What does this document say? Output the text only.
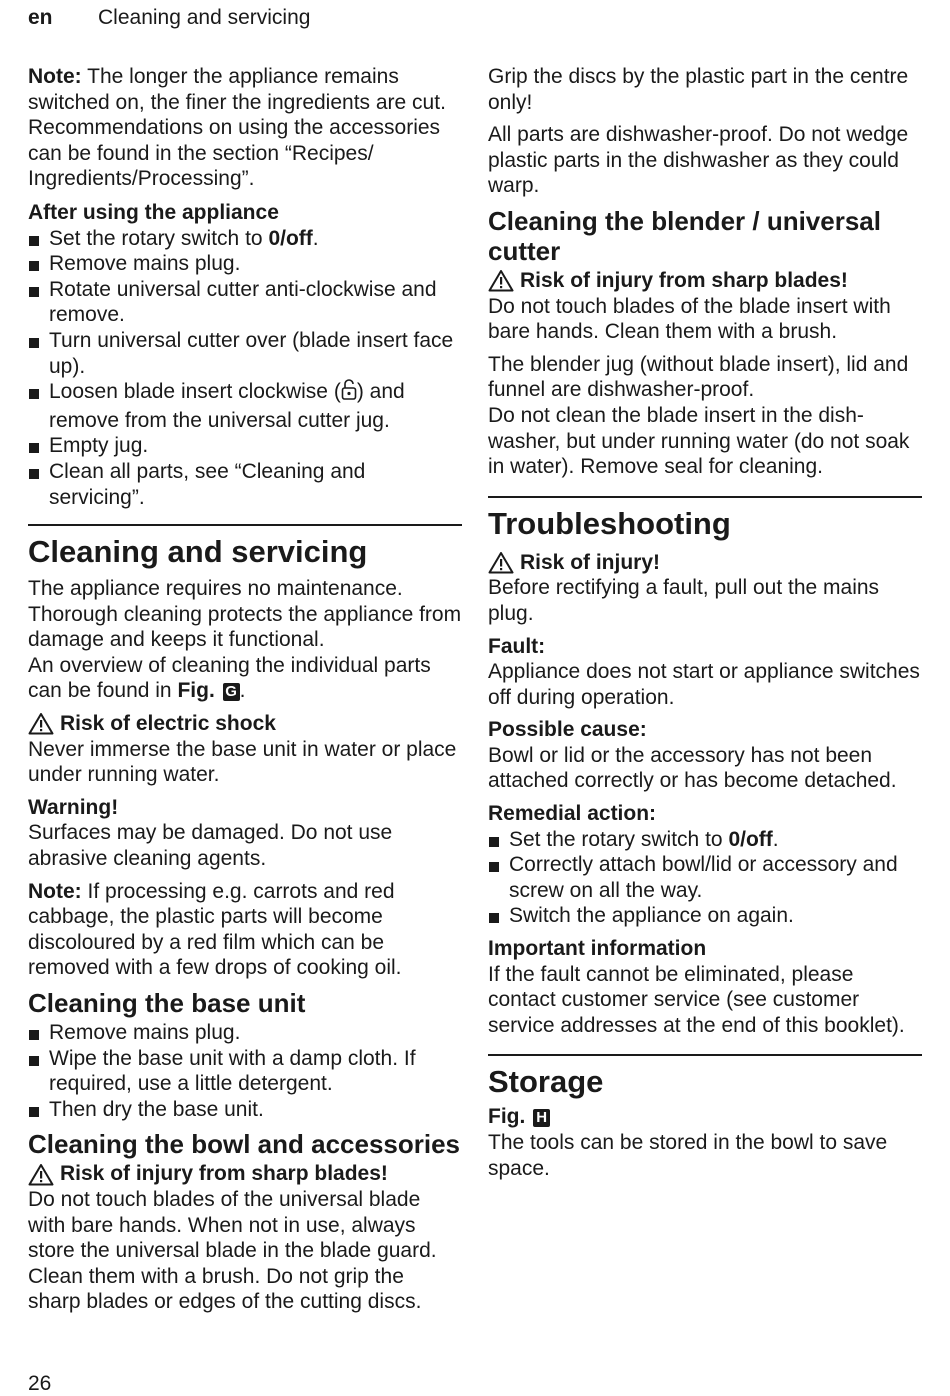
en Cleaning and servicing

Note: The longer the appliance remains switched on, the finer the ingredients are cut. Recommendations on using the accessories can be found in the section “Recipes/ Ingredients/Processing”.

After using the appliance
Set the rotary switch to 0/off.
Remove mains plug.
Rotate universal cutter anti-clockwise and remove.
Turn universal cutter over (blade insert face up).
Loosen blade insert clockwise ( ) and remove from the universal cutter jug.
Empty jug.
Clean all parts, see “Cleaning and servicing”.
Cleaning and servicing

The appliance requires no maintenance. Thorough cleaning protects the appliance from damage and keeps it functional.

An overview of cleaning the individual parts can be found in Fig. G .

Risk of electric shock

Never immerse the base unit in water or place under running water.

Warning!

Surfaces may be damaged. Do not use abrasive cleaning agents.

Note: If processing e.g. carrots and red cabbage, the plastic parts will become discoloured by a red film which can be removed with a few drops of cooking oil.

Cleaning the base unit
Remove mains plug.
Wipe the base unit with a damp cloth. If required, use a little detergent.
Then dry the base unit.
Cleaning the bowl and accessories
Risk of injury from sharp blades!

Do not touch blades of the universal blade with bare hands. When not in use, always store the universal blade in the blade guard. Clean them with a brush. Do not grip the sharp blades or edges of the cutting discs.

Grip the discs by the plastic part in the centre only!

All parts are dishwasher-proof. Do not wedge plastic parts in the dishwasher as they could warp.

Cleaning the blender / universal cutter
Risk of injury from sharp blades!

Do not touch blades of the blade insert with bare hands. Clean them with a brush.

The blender jug (without blade insert), lid and funnel are dishwasher-proof.

Do not clean the blade insert in the dishwasher, but under running water (do not soak in water). Remove seal for cleaning.

Troubleshooting
Risk of injury!

Before rectifying a fault, pull out the mains plug.

Fault:

Appliance does not start or appliance switches off during operation.

Possible cause:

Bowl or lid or the accessory has not been attached correctly or has become detached.

Remedial action:
Set the rotary switch to 0/off.
Correctly attach bowl/lid or accessory and screw on all the way.
Switch the appliance on again.
Important information

If the fault cannot be eliminated, please contact customer service (see customer service addresses at the end of this booklet).

Storage
Fig. H

The tools can be stored in the bowl to save space.

26
